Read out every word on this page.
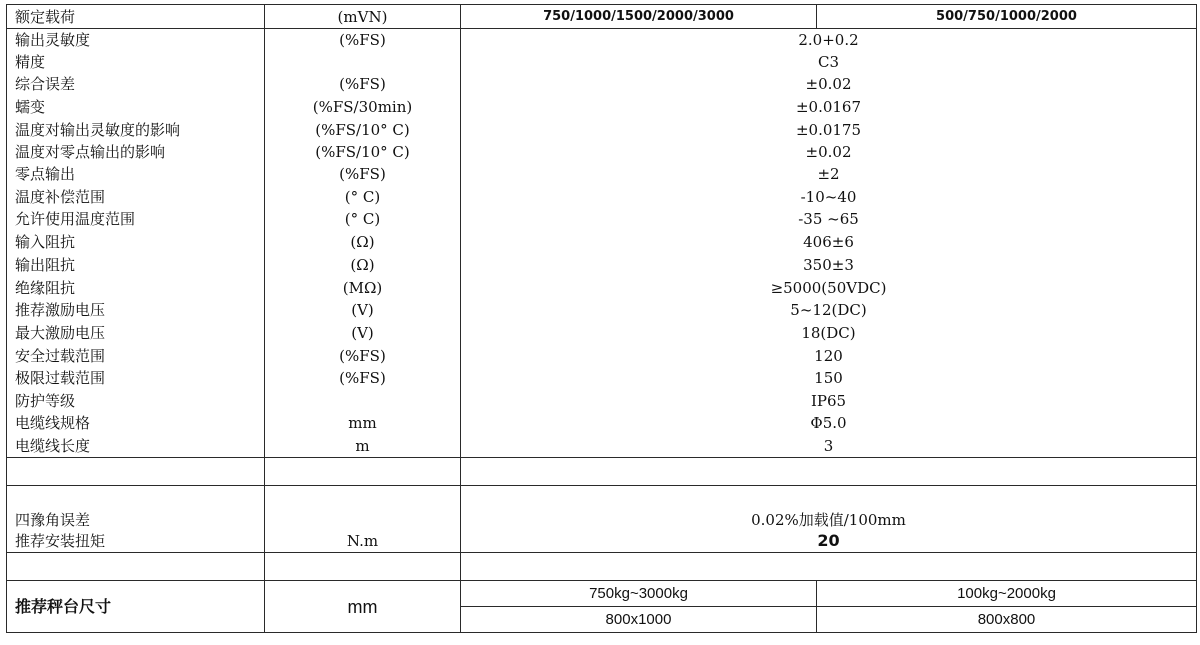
额定载荷	(mVN)	750/1000/1500/2000/3000	500/750/1000/2000
输出灵敏度	(%FS)	2.0+0.2	
精度		C3	
综合误差	(%FS)	±0.02	
蠕变	(%FS/30min)	±0.0167	
温度对输出灵敏度的影响	(%FS/10° C)	±0.0175	
温度对零点输出的影响	(%FS/10° C)	±0.02	
零点输出	(%FS)	±2	
温度补偿范围	(° C)	-10~40	
允许使用温度范围	(° C)	-35 ~65	
输入阻抗	(Ω)	406±6	
输出阻抗	(Ω)	350±3	
绝缘阻抗	(MΩ)	≥5000(50VDC)	
推荐激励电压	(V)	5~12(DC)	
最大激励电压	(V)	18(DC)	
安全过载范围	(%FS)	120	
极限过载范围	(%FS)	150	
防护等级		IP65	
电缆线规格	mm	Φ5.0	
电缆线长度	m	3	

四豫角误差		0.02%加载值/100mm	
推荐安装扭矩	N.m	20	

推荐秤台尺寸	mm	750kg~3000kg	100kg~2000kg
		800x1000	800x800
